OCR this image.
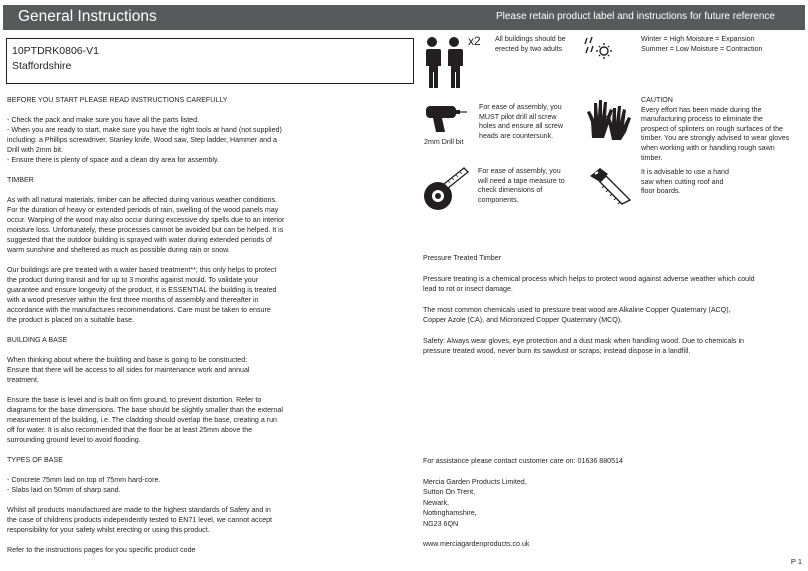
General Instructions	Please retain product label and instructions for future reference
10PTDRK0806-V1
Staffordshire

BEFORE YOU START PLEASE READ INSTRUCTIONS CAREFULLY

- Check the pack and make sure you have all the parts listed.
- When you are ready to start, make sure you have the right tools at hand (not supplied)
including: a Phillips screwdriver, Stanley knife, Wood saw, Step ladder, Hammer and a
Drill with 2mm bit.
- Ensure there is plenty of space and a clean dry area for assembly.

TIMBER

As with all natural materials, timber can be affected during various weather conditions.
For the duration of heavy or extended periods of rain, swelling of the wood panels may
occur. Warping of the wood may also occur during excessive dry spells due to an interior
moisture loss. Unfortunately, these processes cannot be avoided but can be helped. It is
suggested that the outdoor building is sprayed with water during extended periods of
warm sunshine and sheltered as much as possible during rain or snow.

Our buildings are pre treated with a water based treatment**; this only helps to protect
the product during transit and for up to 3 months against mould. To validate your
guarantee and ensure longevity of the product, it is ESSENTIAL the building is treated
with a wood preserver within the first three months of assembly and thereafter in
accordance with the manufactures recommendations. Care must be taken to ensure
the product is placed on a suitable base.

BUILDING A BASE

When thinking about where the building and base is going to be constructed:
Ensure that there will be access to all sides for maintenance work and annual
treatment.

Ensure the base is level and is built on firm ground, to prevent distortion. Refer to
diagrams for the base dimensions. The base should be slightly smaller than the external
measurement of the building, i.e. The cladding should overlap the base, creating a run
off for water. It is also recommended that the floor be at least 25mm above the
surrounding ground level to avoid flooding.

TYPES OF BASE

- Concrete 75mm laid on top of 75mm hard-core.
- Slabs laid on 50mm of sharp sand.

Whilst all products manufactured are made to the highest standards of Safety and in
the case of childrens products independently tested to EN71 level, we cannot accept
responsibility for your safety whilst erecting or using this product.

Refer to the instructions pages for you specific product code

x2 All buildings should be
erected by two adults
Winter = High Moisture = Expansion
Summer = Low Moisture = Contraction
2mm Drill bit
For ease of assembly, you
MUST pilot drill all screw
holes and ensure all screw
heads are countersunk.
CAUTION
Every effort has been made during the
manufacturing process to eliminate the
prospect of splinters on rough surfaces of the
timber. You are strongly advised to wear gloves
when working with or handling rough sawn
timber.
For ease of assembly, you
will need a tape measure to
check dimensions of
components.
It is advisable to use a hand
saw when cutting roof and
floor boards.

Pressure Treated Timber

Pressure treating is a chemical process which helps to protect wood against adverse weather which could
lead to rot or insect damage.

The most common chemicals used to pressure treat wood are Alkaline Copper Quaternary (ACQ),
Copper Azole (CA), and Micronized Copper Quaternary (MCQ).

Safety: Always wear gloves, eye protection and a dust mask when handling wood. Due to chemicals in
pressure treated wood, never burn its sawdust or scraps; instead dispose in a landfill.

For assistance please contact customer care on: 01636 880514

Mercia Garden Products Limited,
Sutton On Trent,
Newark,
Nottinghamshire,
NG23 6QN

www.merciagardenproducts.co.uk

P 1
